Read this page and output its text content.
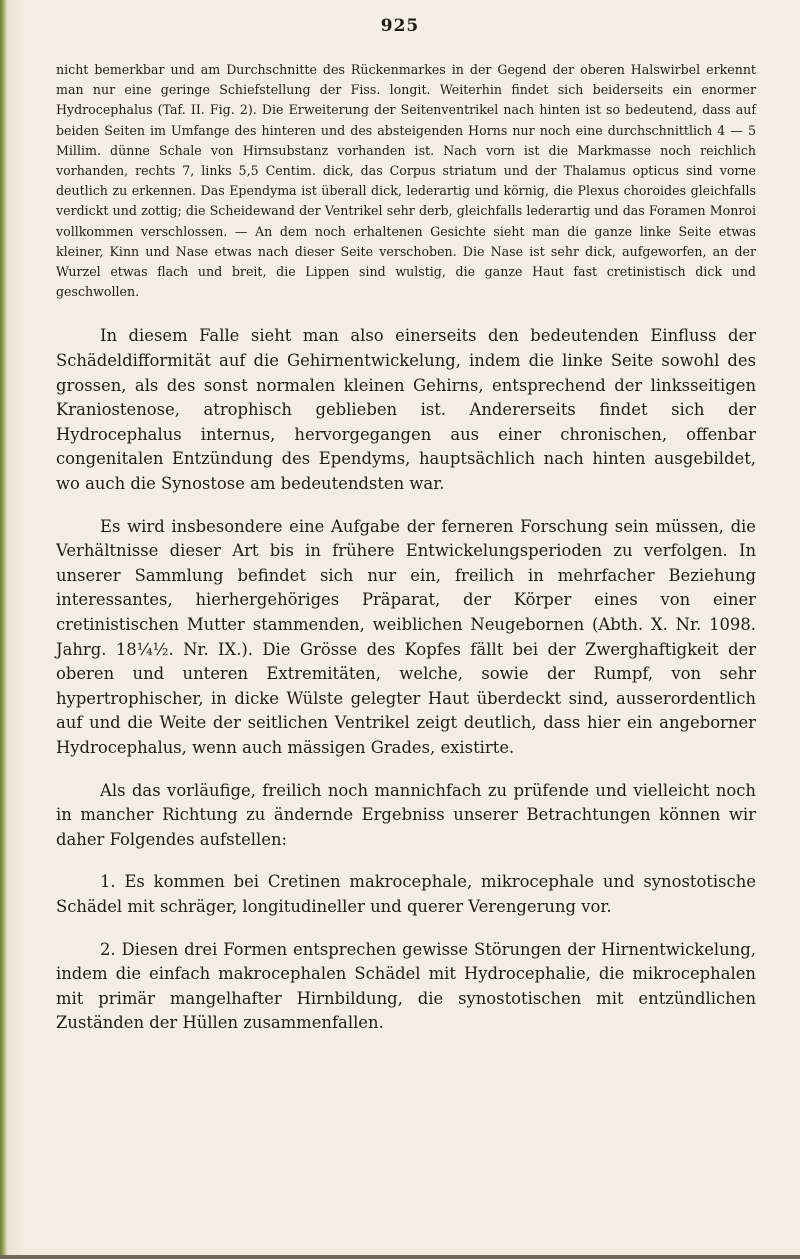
925

nicht bemerkbar und am Durchschnitte des Rückenmarkes in der Gegend der oberen Halswirbel erkennt man nur eine geringe Schiefstellung der Fiss. longit. Weiterhin findet sich beiderseits ein enormer Hydrocephalus (Taf. II. Fig. 2). Die Erweiterung der Seitenventrikel nach hinten ist so bedeutend, dass auf beiden Seiten im Umfange des hinteren und des absteigenden Horns nur noch eine durchschnittlich 4 — 5 Millim. dünne Schale von Hirnsubstanz vorhanden ist. Nach vorn ist die Markmasse noch reichlich vorhanden, rechts 7, links 5,5 Centim. dick, das Corpus striatum und der Thalamus opticus sind vorne deutlich zu erkennen. Das Ependyma ist überall dick, lederartig und körnig, die Plexus choroides gleichfalls verdickt und zottig; die Scheidewand der Ventrikel sehr derb, gleichfalls lederartig und das Foramen Monroi vollkommen verschlossen. — An dem noch erhaltenen Gesichte sieht man die ganze linke Seite etwas kleiner, Kinn und Nase etwas nach dieser Seite verschoben. Die Nase ist sehr dick, aufgeworfen, an der Wurzel etwas flach und breit, die Lippen sind wulstig, die ganze Haut fast cretinistisch dick und geschwollen.

In diesem Falle sieht man also einerseits den bedeutenden Einfluss der Schädeldifformität auf die Gehirnentwickelung, indem die linke Seite sowohl des grossen, als des sonst normalen kleinen Gehirns, entsprechend der linksseitigen Kraniostenose, atrophisch geblieben ist. Andererseits findet sich der Hydrocephalus internus, hervorgegangen aus einer chronischen, offenbar congenitalen Entzündung des Ependyms, hauptsächlich nach hinten ausgebildet, wo auch die Synostose am bedeutendsten war.

Es wird insbesondere eine Aufgabe der ferneren Forschung sein müssen, die Verhältnisse dieser Art bis in frühere Entwickelungsperioden zu verfolgen. In unserer Sammlung befindet sich nur ein, freilich in mehrfacher Beziehung interessantes, hierhergehöriges Präparat, der Körper eines von einer cretinistischen Mutter stammenden, weiblichen Neugebornen (Abth. X. Nr. 1098. Jahrg. 18¼½. Nr. IX.). Die Grösse des Kopfes fällt bei der Zwerghaftigkeit der oberen und unteren Extremitäten, welche, sowie der Rumpf, von sehr hypertrophischer, in dicke Wülste gelegter Haut überdeckt sind, ausserordentlich auf und die Weite der seitlichen Ventrikel zeigt deutlich, dass hier ein angeborner Hydrocephalus, wenn auch mässigen Grades, existirte.

Als das vorläufige, freilich noch mannichfach zu prüfende und vielleicht noch in mancher Richtung zu ändernde Ergebniss unserer Betrachtungen können wir daher Folgendes aufstellen:

1. Es kommen bei Cretinen makrocephale, mikrocephale und synostotische Schädel mit schräger, longitudineller und querer Verengerung vor.

2. Diesen drei Formen entsprechen gewisse Störungen der Hirnentwickelung, indem die einfach makrocephalen Schädel mit Hydrocephalie, die mikrocephalen mit primär mangelhafter Hirnbildung, die synostotischen mit entzündlichen Zuständen der Hüllen zusammenfallen.
